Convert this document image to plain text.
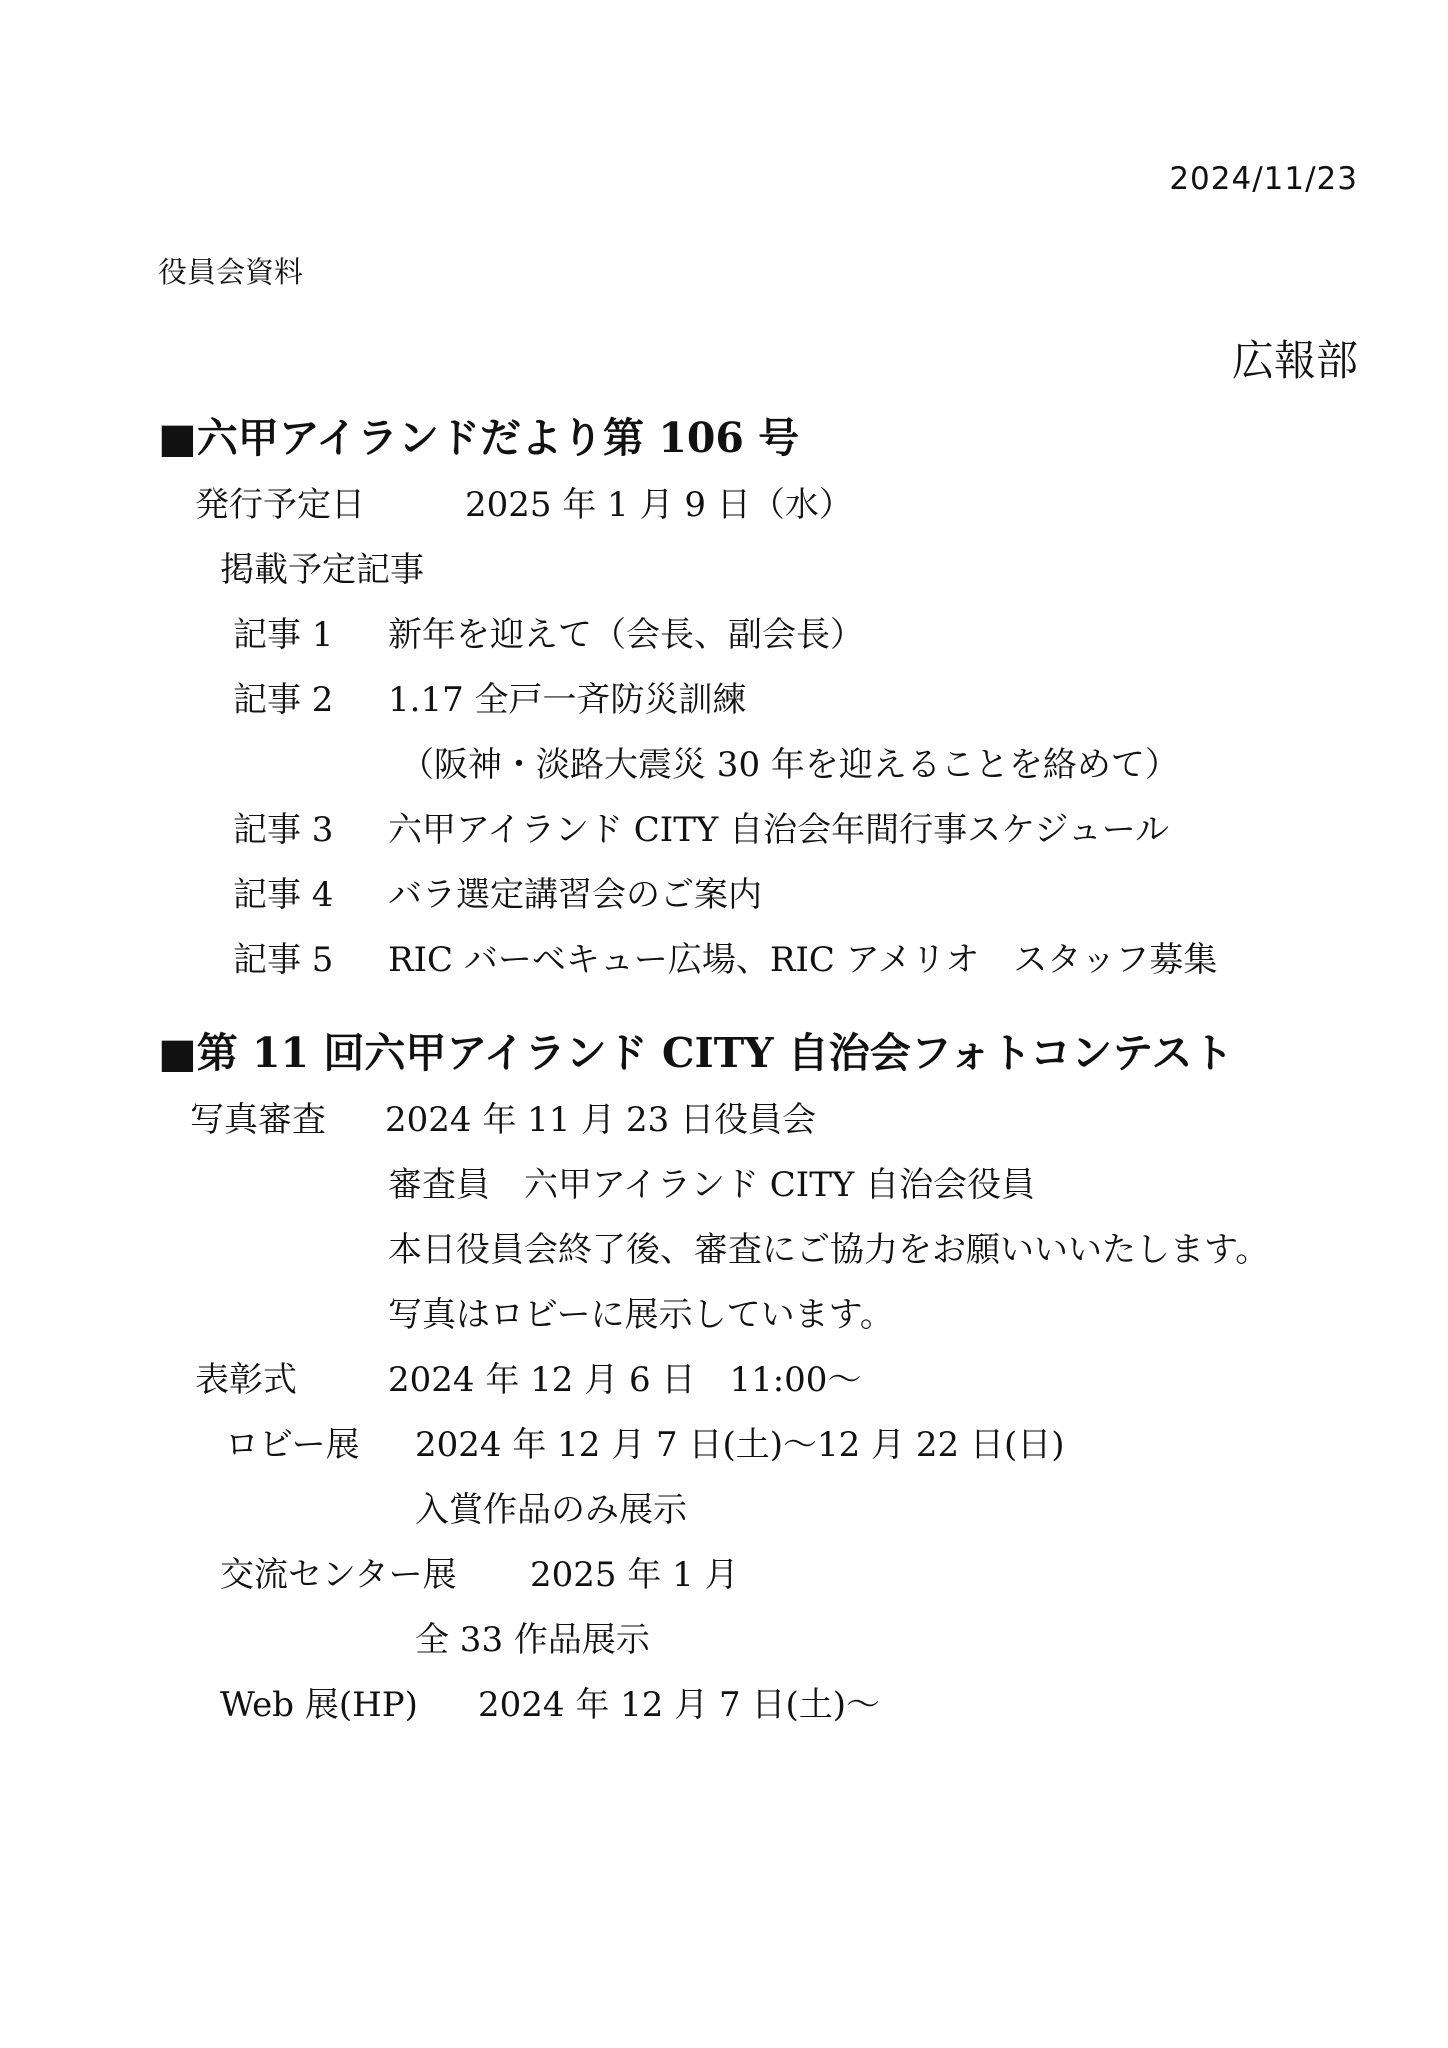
2024/11/23
役員会資料
広報部
■六甲アイランドだより第 106 号
発行予定日	2025 年 1 月 9 日（水）
掲載予定記事
記事 1 新年を迎えて（会長、副会長）
記事 2 1.17 全戸一斉防災訓練
（阪神・淡路大震災 30 年を迎えることを絡めて）
記事 3 六甲アイランド CITY 自治会年間行事スケジュール
記事 4 バラ選定講習会のご案内
記事 5 RIC バーベキュー広場、RIC アメリオ　スタッフ募集
■第 11 回六甲アイランド CITY 自治会フォトコンテスト
写真審査 2024 年 11 月 23 日役員会
審査員　六甲アイランド CITY 自治会役員
本日役員会終了後、審査にご協力をお願いいいたします。
写真はロビーに展示しています。
表彰式	2024 年 12 月 6 日　11:00～
ロビー展 2024 年 12 月 7 日(土)～12 月 22 日(日)
入賞作品のみ展示
交流センター展 2025 年 1 月
全 33 作品展示
Web 展(HP) 2024 年 12 月 7 日(土)～
